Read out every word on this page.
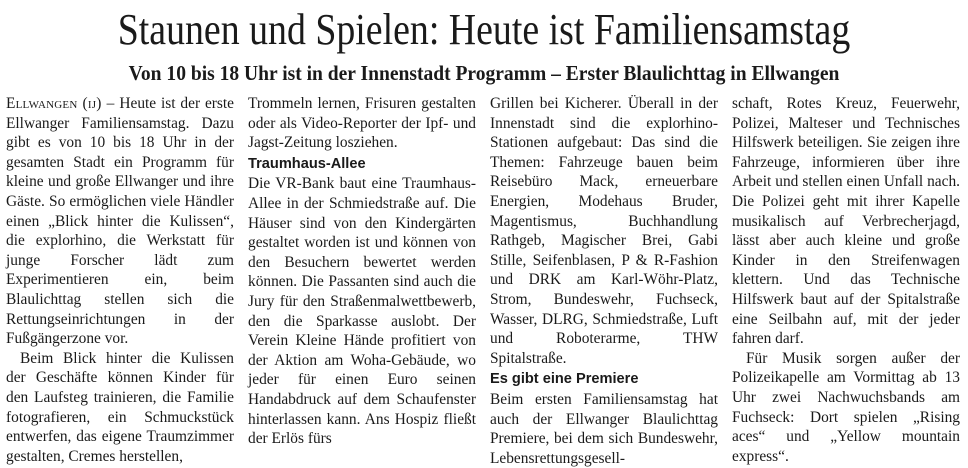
Staunen und Spielen: Heute ist Familiensamstag
Von 10 bis 18 Uhr ist in der Innenstadt Programm – Erster Blaulichttag in Ellwangen

Ellwangen (ij) – Heute ist der erste Ellwanger Familiensamstag. Dazu gibt es von 10 bis 18 Uhr in der gesamten Stadt ein Programm für kleine und große Ellwanger und ihre Gäste. So ermöglichen viele Händler einen „Blick hinter die Kulissen“, die explorhino, die Werkstatt für junge Forscher lädt zum Experimentieren ein, beim Blaulichttag stellen sich die Rettungseinrichtungen in der Fußgängerzone vor.

Beim Blick hinter die Kulissen der Geschäfte können Kinder für den Laufsteg trainieren, die Familie fotografieren, ein Schmuckstück entwerfen, das eigene Traumzimmer gestalten, Cremes herstellen,

Trommeln lernen, Frisuren gestalten oder als Video-Reporter der Ipf- und Jagst-Zeitung losziehen.

Traumhaus-Allee

Die VR-Bank baut eine Traumhaus-Allee in der Schmiedstraße auf. Die Häuser sind von den Kindergärten gestaltet worden ist und können von den Besuchern bewertet werden können. Die Passanten sind auch die Jury für den Straßenmalwettbewerb, den die Sparkasse auslobt. Der Verein Kleine Hände profitiert von der Aktion am Woha-Gebäude, wo jeder für einen Euro seinen Handabdruck auf dem Schaufenster hinterlassen kann. Ans Hospiz fließt der Erlös fürs

Grillen bei Kicherer. Überall in der Innenstadt sind die explorhino-Stationen aufgebaut: Das sind die Themen: Fahrzeuge bauen beim Reisebüro Mack, erneuerbare Energien, Modehaus Bruder, Magentismus, Buchhandlung Rathgeb, Magischer Brei, Gabi Stille, Seifenblasen, P & R-Fashion und DRK am Karl-Wöhr-Platz, Strom, Bundeswehr, Fuchseck, Wasser, DLRG, Schmiedstraße, Luft und Roboterarme, THW Spitalstraße.

Es gibt eine Premiere

Beim ersten Familiensamstag hat auch der Ellwanger Blaulichttag Premiere, bei dem sich Bundeswehr, Lebensrettungsgesell-

schaft, Rotes Kreuz, Feuerwehr, Polizei, Malteser und Technisches Hilfswerk beteiligen. Sie zeigen ihre Fahrzeuge, informieren über ihre Arbeit und stellen einen Unfall nach. Die Polizei geht mit ihrer Kapelle musikalisch auf Verbrecherjagd, lässt aber auch kleine und große Kinder in den Streifenwagen klettern. Und das Technische Hilfswerk baut auf der Spitalstraße eine Seilbahn auf, mit der jeder fahren darf.

Für Musik sorgen außer der Polizeikapelle am Vormittag ab 13 Uhr zwei Nachwuchsbands am Fuchseck: Dort spielen „Rising aces“ und „Yellow mountain express“.
